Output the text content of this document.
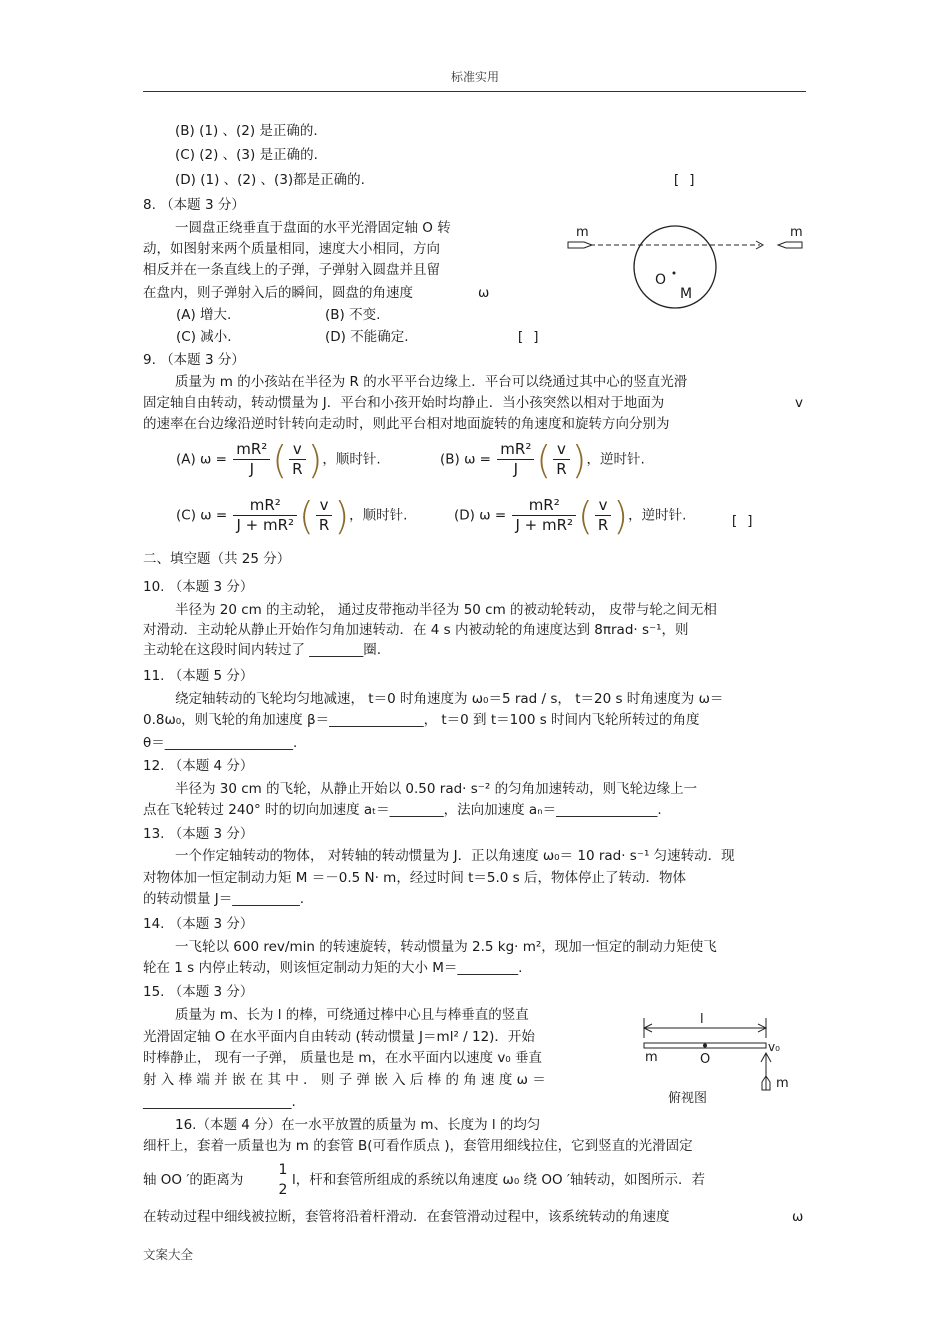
标准实用
文案大全
(B) (1) 、(2) 是正确的.
(C) (2) 、(3) 是正确的.
(D) (1) 、(2) 、(3)都是正确的.	[ ]
8. （本题 3 分）
一圆盘正绕垂直于盘面的水平光滑固定轴 O 转
动，如图射来两个质量相同，速度大小相同，方向
相反并在一条直线上的子弹，子弹射入圆盘并且留
在盘内，则子弹射入后的瞬间，圆盘的角速度	ω
(A) 增大.	(B) 不变.
(C) 减小.	(D) 不能确定.	[ ]
m	m
O
M
9. （本题 3 分）
质量为 m 的小孩站在半径为 R 的水平平台边缘上．平台可以绕通过其中心的竖直光滑
固定轴自由转动，转动惯量为 J．平台和小孩开始时均静止．当小孩突然以相对于地面为	v
的速率在台边缘沿逆时针转向走动时，则此平台相对地面旋转的角速度和旋转方向分别为
(A) $\omega = \frac{\text{mR²}}{J}$ ( $\frac{v}{R}$ )，顺时针.	(B) $\omega = \frac{\text{mR²}}{J}$ ( $\frac{v}{R}$ )，逆时针.
(C) $\omega = \frac{\text{mR²}}{\text{J + mR²}}$ ( $\frac{v}{R}$ )，顺时针.	(D) $\omega = \frac{\text{mR²}}{\text{J + mR²}}$ ( $\frac{v}{R}$ )，逆时针.	[ ]
二、填空题（共 25 分）
10. （本题 3 分）
半径为 20 cm 的主动轮， 通过皮带拖动半径为 50 cm 的被动轮转动， 皮带与轮之间无相
对滑动．主动轮从静止开始作匀角加速转动．在 4 s 内被动轮的角速度达到 8πrad· s⁻¹，则
主动轮在这段时间内转过了 ________圈.
11. （本题 5 分）
绕定轴转动的飞轮均匀地减速， t＝0 时角速度为 ω₀＝5 rad / s， t＝20 s 时角速度为 ω＝
0.8ω₀，则飞轮的角加速度 β＝______________， t＝0 到 t＝100 s 时间内飞轮所转过的角度
θ＝___________________.
12. （本题 4 分）
半径为 30 cm 的飞轮，从静止开始以 0.50 rad· s⁻² 的匀角加速转动，则飞轮边缘上一
点在飞轮转过 240° 时的切向加速度 aₜ＝________，法向加速度 aₙ＝_______________.
13. （本题 3 分）
一个作定轴转动的物体， 对转轴的转动惯量为 J．正以角速度 ω₀＝ 10 rad· s⁻¹ 匀速转动．现
对物体加一恒定制动力矩 M ＝－0.5 N· m，经过时间 t＝5.0 s 后，物体停止了转动．物体
的转动惯量 J＝__________.
14. （本题 3 分）
一飞轮以 600 rev/min 的转速旋转，转动惯量为 2.5 kg· m²，现加一恒定的制动力矩使飞
轮在 1 s 内停止转动，则该恒定制动力矩的大小 M＝_________.
15. （本题 3 分）
质量为 m、长为 l 的棒，可绕通过棒中心且与棒垂直的竖直
光滑固定轴 O 在水平面内自由转动 (转动惯量 J＝ml² / 12)．开始
时棒静止， 现有一子弹， 质量也是 m，在水平面内以速度 v₀ 垂直
射 入 棒 端 并 嵌 在 其 中 ． 则 子 弹 嵌 入 后 棒 的 角 速 度 ω ＝
______________________.
l
m	O
v₀
m
俯视图
16.（本题 4 分）在一水平放置的质量为 m、长度为 l 的均匀
细杆上，套着一质量也为 m 的套管 B(可看作质点 )，套管用细线拉住，它到竖直的光滑固定
轴 OO ′的距离为
1
2
l，杆和套管所组成的系统以角速度 ω₀ 绕 OO ′轴转动，如图所示．若
在转动过程中细线被拉断，套管将沿着杆滑动．在套管滑动过程中，该系统转动的角速度	ω
